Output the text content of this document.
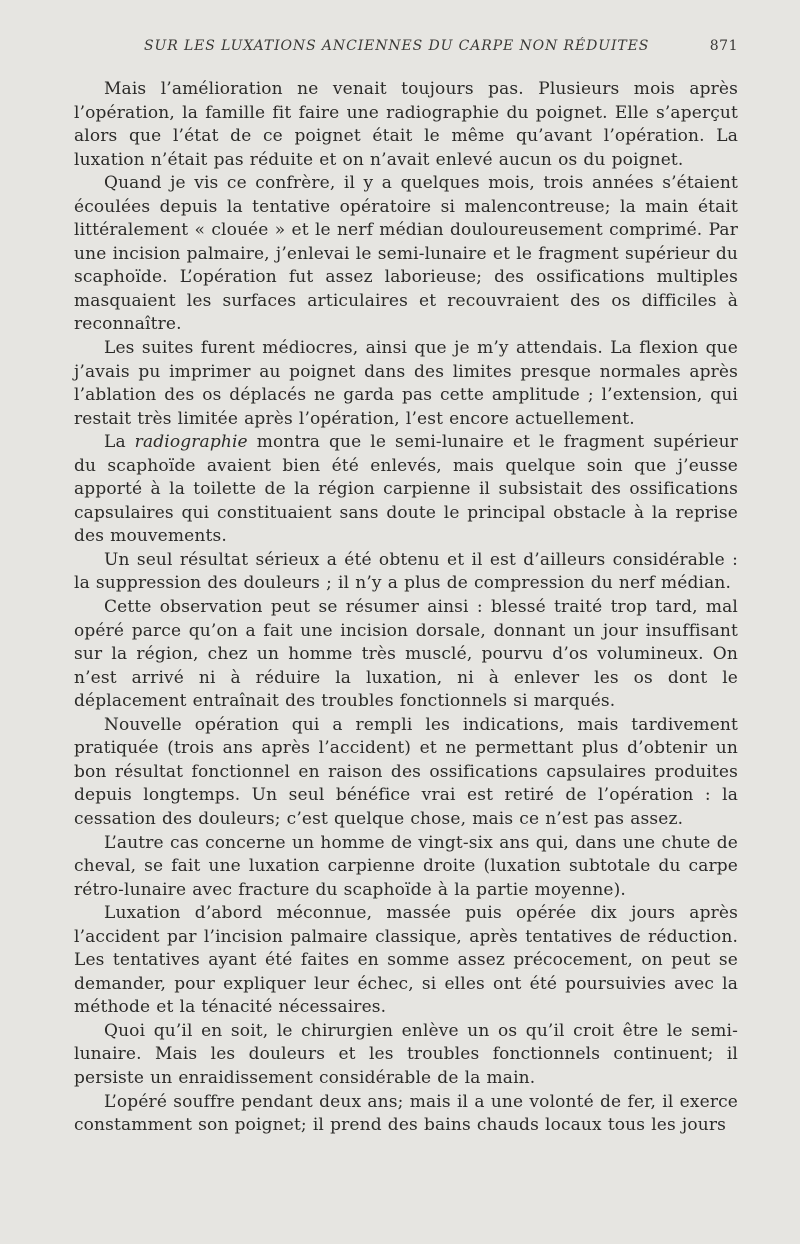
SUR LES LUXATIONS ANCIENNES DU CARPE NON RÉDUITES	871

Mais l’amélioration ne venait toujours pas. Plusieurs mois après l’opération, la famille fit faire une radiographie du poignet. Elle s’aperçut alors que l’état de ce poignet était le même qu’avant l’opération. La luxation n’était pas réduite et on n’avait enlevé aucun os du poignet.

Quand je vis ce confrère, il y a quelques mois, trois années s’étaient écoulées depuis la tentative opératoire si malencontreuse; la main était littéralement « clouée » et le nerf médian douloureusement comprimé. Par une incision palmaire, j’enlevai le semi-lunaire et le fragment supérieur du scaphoïde. L’opération fut assez laborieuse; des ossifications multiples masquaient les surfaces articulaires et recouvraient des os difficiles à reconnaître.

Les suites furent médiocres, ainsi que je m’y attendais. La flexion que j’avais pu imprimer au poignet dans des limites presque normales après l’ablation des os déplacés ne garda pas cette amplitude ; l’extension, qui restait très limitée après l’opération, l’est encore actuellement.

La radiographie montra que le semi-lunaire et le fragment supérieur du scaphoïde avaient bien été enlevés, mais quelque soin que j’eusse apporté à la toilette de la région carpienne il subsistait des ossifications capsulaires qui constituaient sans doute le principal obstacle à la reprise des mouvements.

Un seul résultat sérieux a été obtenu et il est d’ailleurs considérable : la suppression des douleurs ; il n’y a plus de compression du nerf médian.

Cette observation peut se résumer ainsi : blessé traité trop tard, mal opéré parce qu’on a fait une incision dorsale, donnant un jour insuffisant sur la région, chez un homme très musclé, pourvu d’os volumineux. On n’est arrivé ni à réduire la luxation, ni à enlever les os dont le déplacement entraînait des troubles fonctionnels si marqués.

Nouvelle opération qui a rempli les indications, mais tardivement pratiquée (trois ans après l’accident) et ne permettant plus d’obtenir un bon résultat fonctionnel en raison des ossifications capsulaires produites depuis longtemps. Un seul bénéfice vrai est retiré de l’opération : la cessation des douleurs; c’est quelque chose, mais ce n’est pas assez.

L’autre cas concerne un homme de vingt-six ans qui, dans une chute de cheval, se fait une luxation carpienne droite (luxation subtotale du carpe rétro-lunaire avec fracture du scaphoïde à la partie moyenne).

Luxation d’abord méconnue, massée puis opérée dix jours après l’accident par l’incision palmaire classique, après tentatives de réduction. Les tentatives ayant été faites en somme assez précocement, on peut se demander, pour expliquer leur échec, si elles ont été poursuivies avec la méthode et la ténacité nécessaires.

Quoi qu’il en soit, le chirurgien enlève un os qu’il croit être le semi-lunaire. Mais les douleurs et les troubles fonctionnels continuent; il persiste un enraidissement considérable de la main.

L’opéré souffre pendant deux ans; mais il a une volonté de fer, il exerce constamment son poignet; il prend des bains chauds locaux tous les jours
